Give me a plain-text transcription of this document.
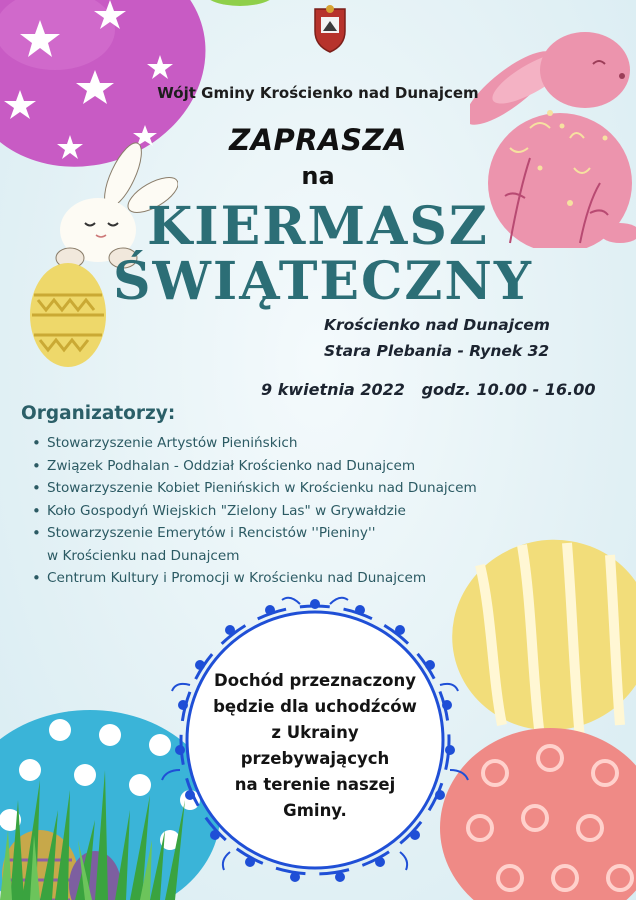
Wójt Gminy Krościenko nad Dunajcem

ZAPRASZA

na

KIERMASZ

ŚWIĄTECZNY

Krościenko nad Dunajcem

Stara Plebania - Rynek 32

9 kwietnia 2022   godz. 10.00 - 16.00

Organizatorzy:

• Stowarzyszenie Artystów Pienińskich
• Związek Podhalan - Oddział Krościenko nad Dunajcem
• Stowarzyszenie Kobiet Pienińskich w Krościenku nad Dunajcem
• Koło Gospodyń Wiejskich "Zielony Las" w Grywałdzie
• Stowarzyszenie Emerytów i Rencistów ''Pieniny''
w Krościenku nad Dunajcem
• Centrum Kultury i Promocji w Krościenku nad Dunajcem
Dochód przeznaczony
będzie dla uchodźców
z Ukrainy
przebywających
na terenie naszej
Gminy.
